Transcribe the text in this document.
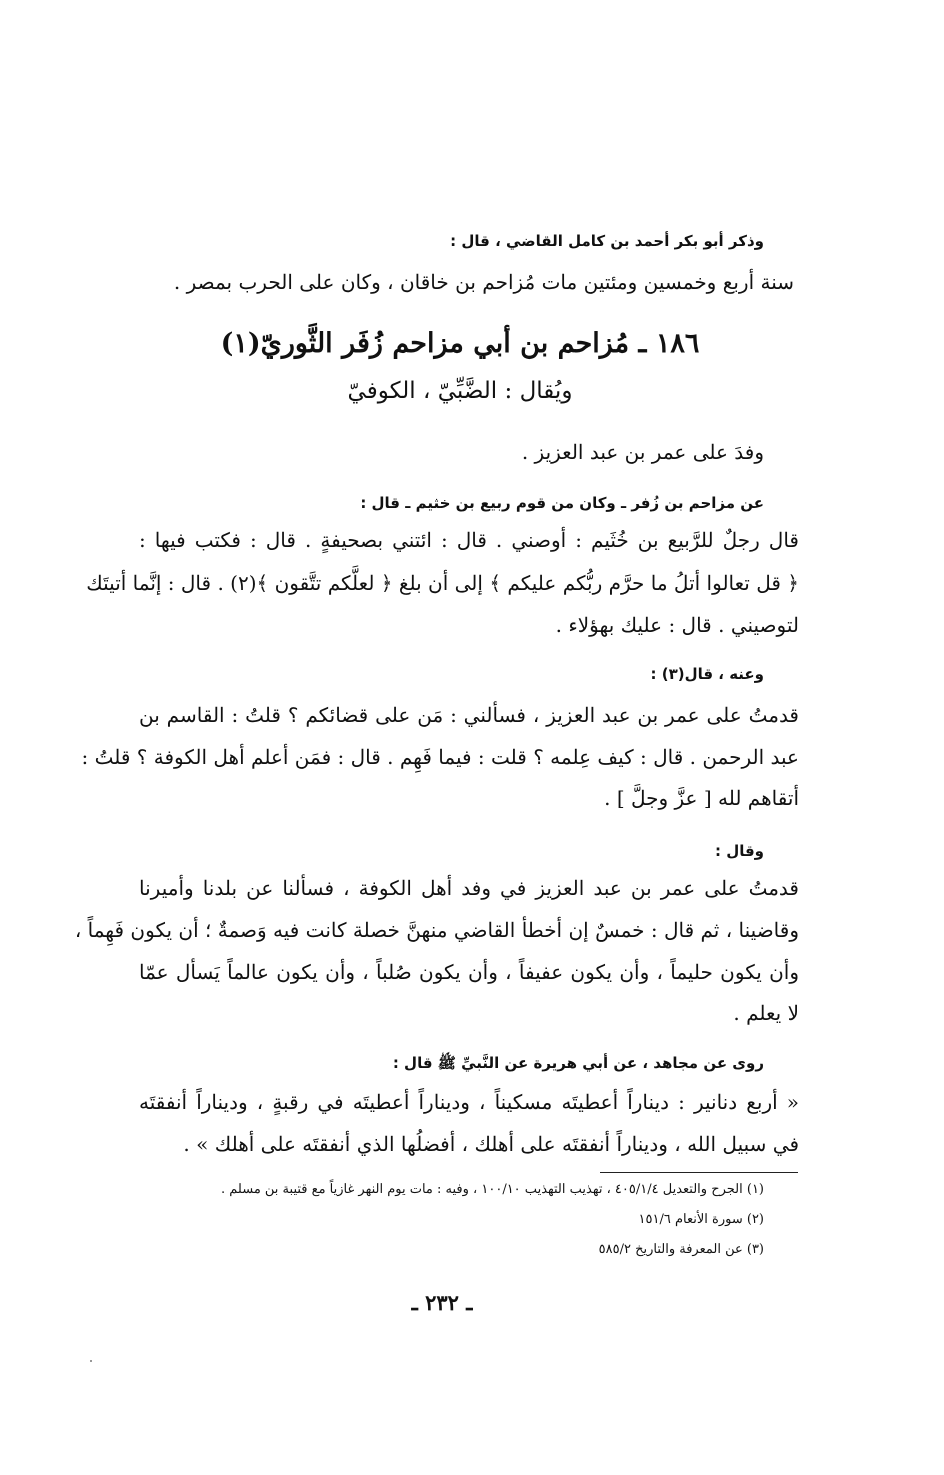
وذكر أبو بكر أحمد بن كامل القاضي ، قال :
سنة أربع وخمسين ومئتين مات مُزاحم بن خاقان ، وكان على الحرب بمصر .
١٨٦ ـ مُزاحم بن أبي مزاحم زُفَر الثَّوريّ(١)
ويُقال : الضَّبِّيّ ، الكوفيّ
وفدَ على عمر بن عبد العزيز .
عن مزاحم بن زُفر ـ وكان من قوم ربيع بن خثيم ـ قال :
قال رجلٌ للرَّبيع بن خُثَيم : أوصني . قال : ائتني بصحيفةٍ . قال : فكتب فيها :
﴿ قل تعالوا أتلُ ما حرَّم ربُّكم عليكم ﴾ إلى أن بلغ ﴿ لعلَّكم تتَّقون ﴾(٢) . قال : إنَّما أتيتَك
لتوصيني . قال : عليك بهؤلاء .
وعنه ، قال(٣) :
قدمتُ على عمر بن عبد العزيز ، فسألني : مَن على قضائكم ؟ قلتُ : القاسم بن
عبد الرحمن . قال : كيف عِلمه ؟ قلت : فيما فَهِم . قال : فمَن أعلم أهل الكوفة ؟ قلتُ :
أتقاهم لله [ عزَّ وجلَّ ] .
وقال :
قدمتُ على عمر بن عبد العزيز في وفد أهل الكوفة ، فسألنا عن بلدنا وأميرنا
وقاضينا ، ثم قال : خمسٌ إن أخطأ القاضي منهنَّ خصلة كانت فيه وَصمةٌ ؛ أن يكون فَهِماً ،
وأن يكون حليماً ، وأن يكون عفيفاً ، وأن يكون صُلباً ، وأن يكون عالماً يَسأل عمّا
لا يعلم .
روى عن مجاهد ، عن أبي هريرة عن النَّبيِّ ﷺ قال :
« أربع دنانير : ديناراً أعطيتَه مسكيناً ، وديناراً أعطيتَه في رقبةٍ ، وديناراً أنفقتَه
في سبيل الله ، وديناراً أنفقتَه على أهلك ، أفضلُها الذي أنفقتَه على أهلك » .
(١) الجرح والتعديل ٤٠٥/١/٤ ، تهذيب التهذيب ١٠٠/١٠ ، وفيه : مات يوم النهر غازياً مع قتيبة بن مسلم .
(٢) سورة الأنعام ١٥١/٦
(٣) عن المعرفة والتاريخ ٥٨٥/٢
ـ ٢٣٢ ـ
